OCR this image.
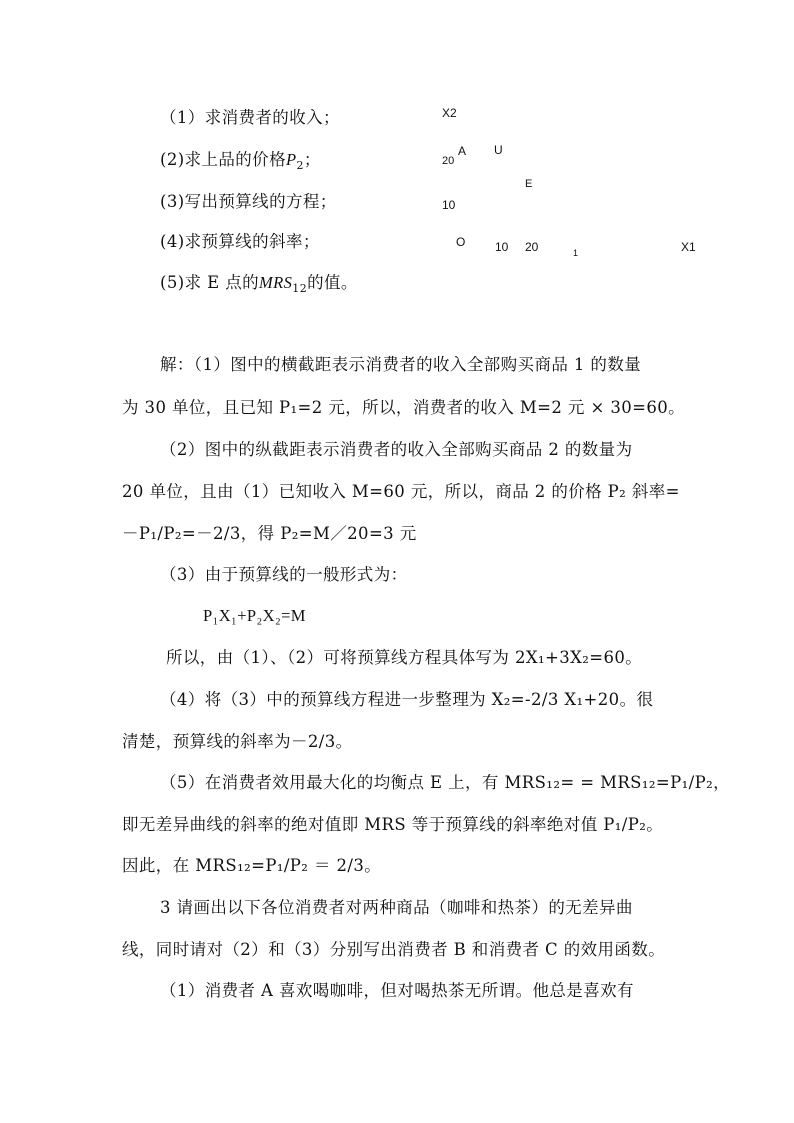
（1）求消费者的收入；
(2)求上品的价格$P_2$；
(3)写出预算线的方程；
(4)求预算线的斜率；
(5)求 E 点的$MRS_{12}$的值。
X2
A
20
U
E
10
O 10 20	1	X1
解：（1）图中的横截距表示消费者的收入全部购买商品 1 的数量
为 30 单位，且已知 P₁=2 元，所以，消费者的收入 M=2 元 × 30=60。
（2）图中的纵截距表示消费者的收入全部购买商品 2 的数量为
20 单位，且由（1）已知收入 M=60 元，所以，商品 2 的价格 P₂ 斜率=
－P₁/P₂=－2/3，得 P₂=M／20=3 元
（3）由于预算线的一般形式为：
P₁X₁+P₂X₂=M
所以，由（1）、（2）可将预算线方程具体写为 2X₁+3X₂=60。
（4）将（3）中的预算线方程进一步整理为 X₂=-2/3 X₁+20。很
清楚，预算线的斜率为－2/3。
（5）在消费者效用最大化的均衡点 E 上，有 MRS₁₂= = MRS₁₂=P₁/P₂，
即无差异曲线的斜率的绝对值即 MRS 等于预算线的斜率绝对值 P₁/P₂。
因此，在 MRS₁₂=P₁/P₂ ＝ 2/3。
3 请画出以下各位消费者对两种商品（咖啡和热茶）的无差异曲
线，同时请对（2）和（3）分别写出消费者 B 和消费者 C 的效用函数。
（1）消费者 A 喜欢喝咖啡，但对喝热茶无所谓。他总是喜欢有
